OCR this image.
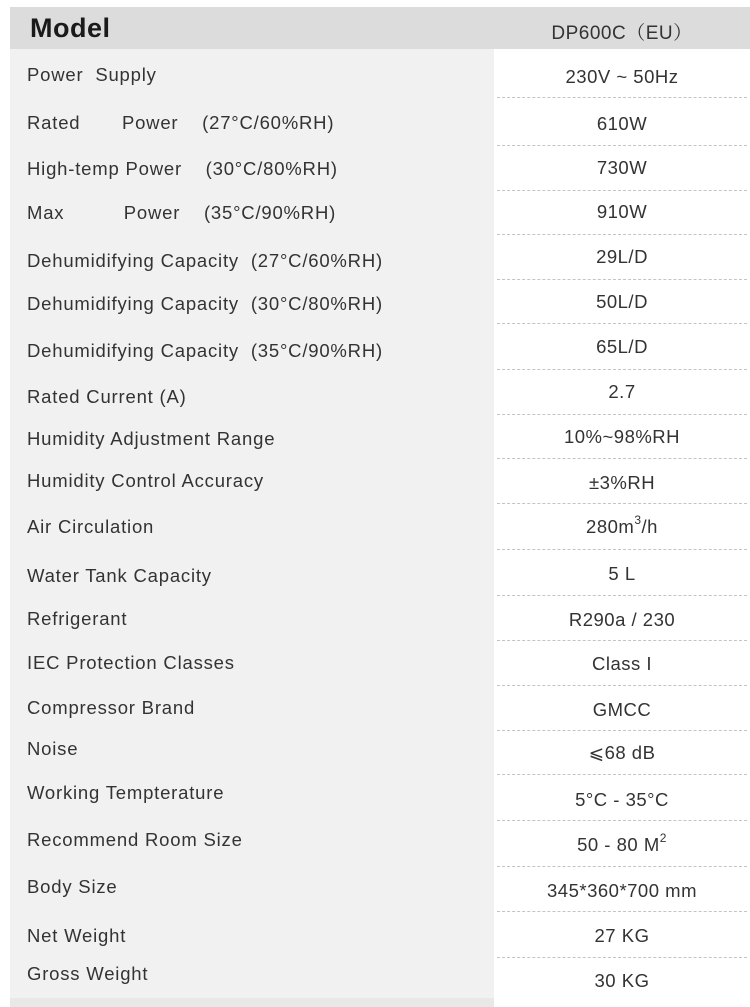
Model	DP600C（EU）
Power  Supply	230V ~ 50Hz
Rated       Power    (27°C/60%RH)	610W
High-temp Power    (30°C/80%RH)	730W
Max          Power    (35°C/90%RH)	910W
Dehumidifying Capacity  (27°C/60%RH)	29L/D
Dehumidifying Capacity  (30°C/80%RH)	50L/D
Dehumidifying Capacity  (35°C/90%RH)	65L/D
Rated Current (A)	2.7
Humidity Adjustment Range	10%~98%RH
Humidity Control Accuracy	±3%RH
Air Circulation	$280m^3/h$
Water Tank Capacity	5 L
Refrigerant	R290a / 230
IEC Protection Classes	Class I
Compressor Brand	GMCC
Noise	⩽68 dB
Working Tempterature	5°C - 35°C
Recommend Room Size	50 - 80 $M^2$
Body Size	345*360*700 mm
Net Weight	27 KG
Gross Weight	30 KG
